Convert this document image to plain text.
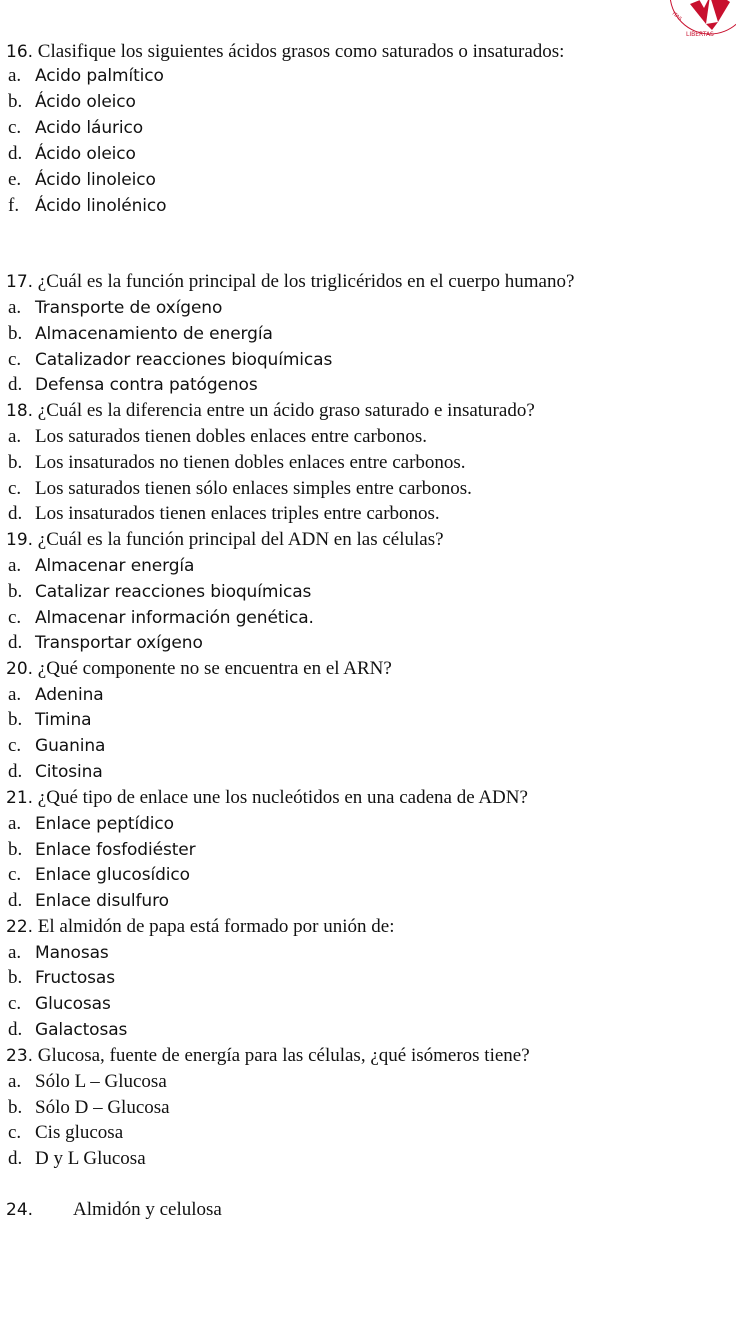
ITAS
LIBERTAS
16. Clasifique los siguientes ácidos grasos como saturados o insaturados:
a. Acido palmítico
b. Ácido oleico
c. Acido láurico
d. Ácido oleico
e. Ácido linoleico
f. Ácido linolénico
17. ¿Cuál es la función principal de los triglicéridos en el cuerpo humano?
a. Transporte de oxígeno
b. Almacenamiento de energía
c. Catalizador reacciones bioquímicas
d. Defensa contra patógenos
18. ¿Cuál es la diferencia entre un ácido graso saturado e insaturado?
a. Los saturados tienen dobles enlaces entre carbonos.
b. Los insaturados no tienen dobles enlaces entre carbonos.
c. Los saturados tienen sólo enlaces simples entre carbonos.
d. Los insaturados tienen enlaces triples entre carbonos.
19. ¿Cuál es la función principal del ADN en las células?
a. Almacenar energía
b. Catalizar reacciones bioquímicas
c. Almacenar información genética.
d. Transportar oxígeno
20. ¿Qué componente no se encuentra en el ARN?
a. Adenina
b. Timina
c. Guanina
d. Citosina
21. ¿Qué tipo de enlace une los nucleótidos en una cadena de ADN?
a. Enlace peptídico
b. Enlace fosfodiéster
c. Enlace glucosídico
d. Enlace disulfuro
22. El almidón de papa está formado por unión de:
a. Manosas
b. Fructosas
c. Glucosas
d. Galactosas
23. Glucosa, fuente de energía para las células, ¿qué isómeros tiene?
a. Sólo L – Glucosa
b. Sólo D – Glucosa
c. Cis glucosa
d. D y L Glucosa
24. Almidón y celulosa
